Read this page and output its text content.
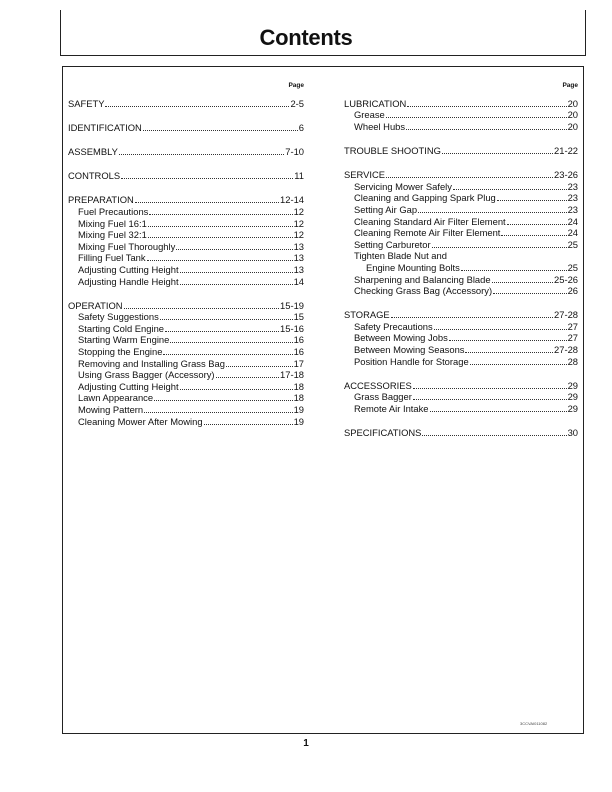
Contents
Page
SAFETY	2-5
IDENTIFICATION	6
ASSEMBLY	7-10
CONTROLS	11
PREPARATION	12-14
Fuel Precautions	12
Mixing Fuel 16:1	12
Mixing Fuel 32:1	12
Mixing Fuel Thoroughly	13
Filling Fuel Tank	13
Adjusting Cutting Height	13
Adjusting Handle Height	14
OPERATION	15-19
Safety Suggestions	15
Starting Cold Engine	15-16
Starting Warm Engine	16
Stopping the Engine	16
Removing and Installing Grass Bag	17
Using Grass Bagger (Accessory)	17-18
Adjusting Cutting Height	18
Lawn Appearance	18
Mowing Pattern	19
Cleaning Mower After Mowing	19
Page
LUBRICATION	20
Grease	20
Wheel Hubs	20
TROUBLE SHOOTING	21-22
SERVICE	23-26
Servicing Mower Safely	23
Cleaning and Gapping Spark Plug	23
Setting Air Gap	23
Cleaning Standard Air Filter Element	24
Cleaning Remote Air Filter Element	24
Setting Carburetor	25
Tighten Blade Nut and
Engine Mounting Bolts	25
Sharpening and Balancing Blade	25-26
Checking Grass Bag (Accessory)	26
STORAGE	27-28
Safety Precautions	27
Between Mowing Jobs	27
Between Mowing Seasons	27-28
Position Handle for Storage	28
ACCESSORIES	29
Grass Bagger	29
Remote Air Intake	29
SPECIFICATIONS	30
3CCVAI011082
1
